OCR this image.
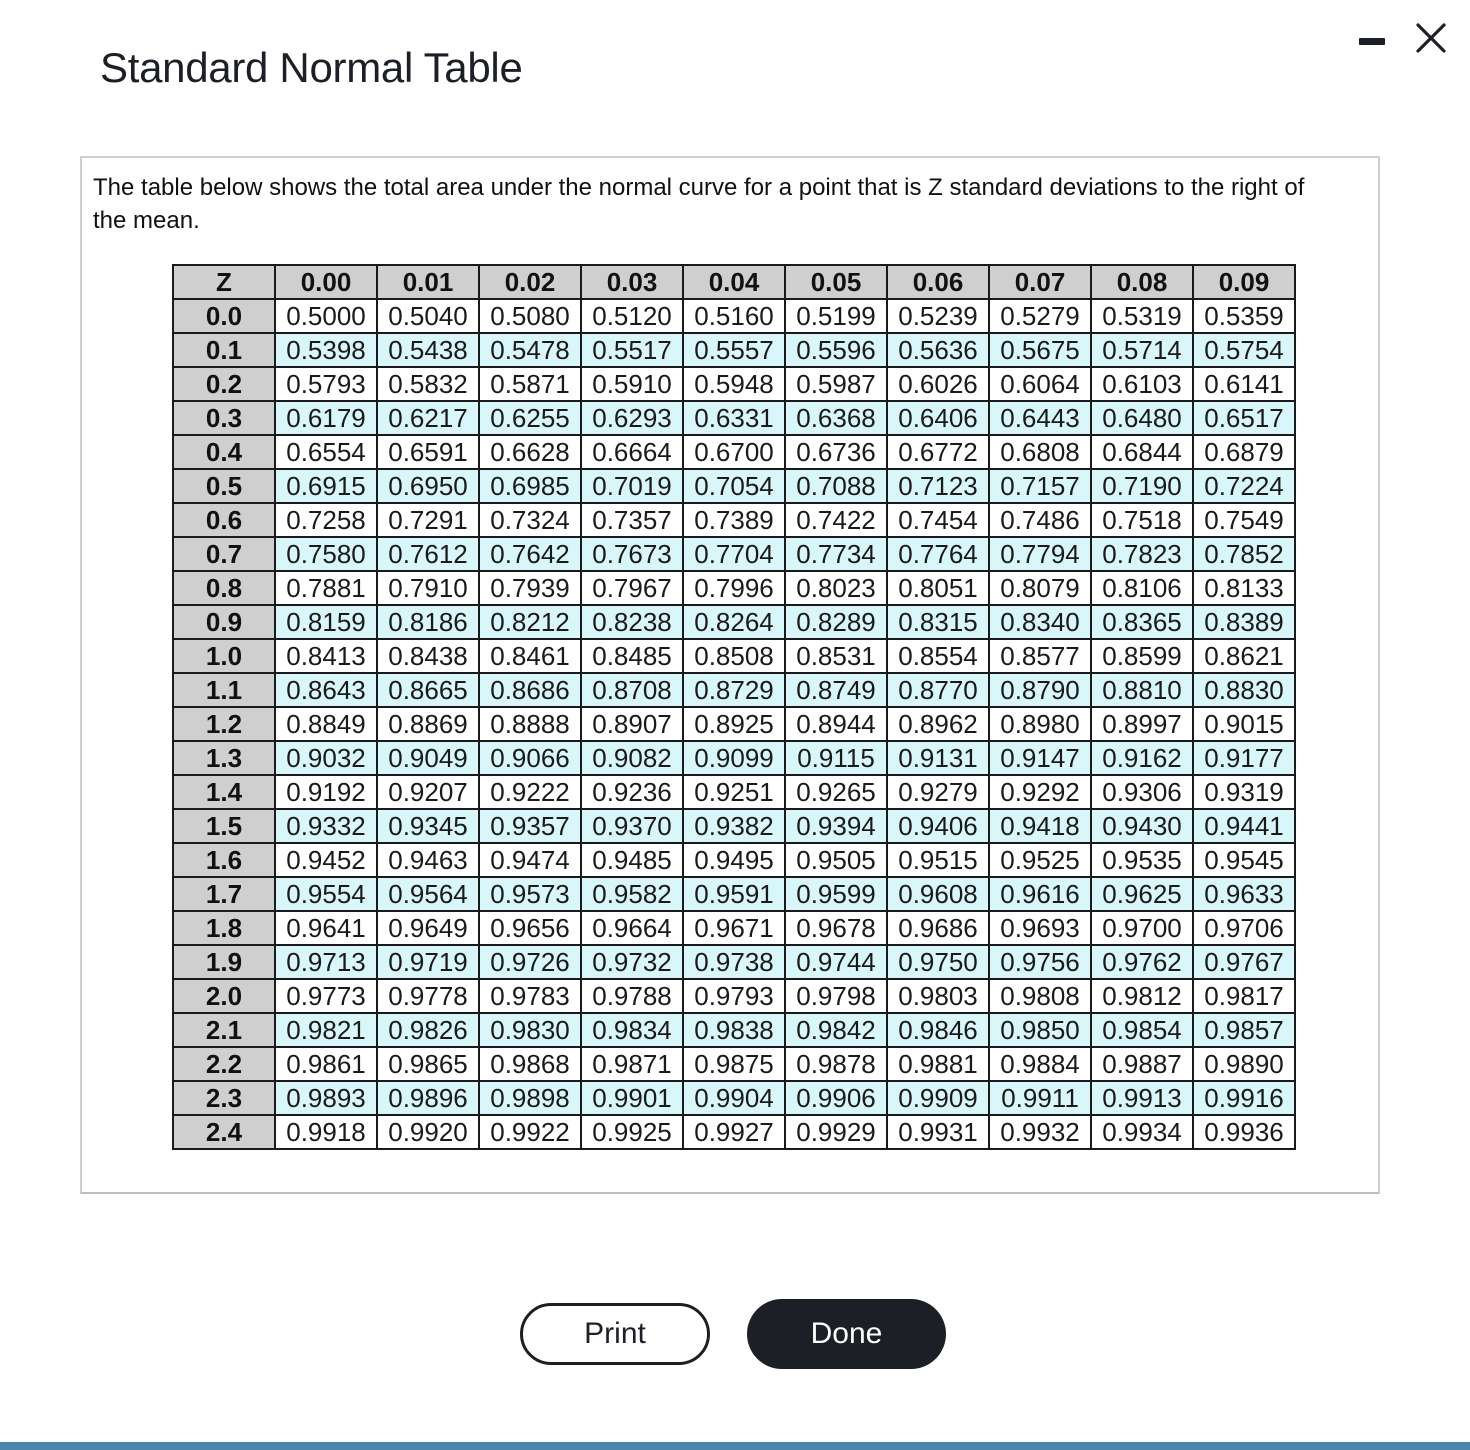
Standard Normal Table
The table below shows the total area under the normal curve for a point that is Z standard deviations to the right of the mean.
Z	0.00	0.01	0.02	0.03	0.04	0.05	0.06	0.07	0.08	0.09
0.0	0.5000	0.5040	0.5080	0.5120	0.5160	0.5199	0.5239	0.5279	0.5319	0.5359
0.1	0.5398	0.5438	0.5478	0.5517	0.5557	0.5596	0.5636	0.5675	0.5714	0.5754
0.2	0.5793	0.5832	0.5871	0.5910	0.5948	0.5987	0.6026	0.6064	0.6103	0.6141
0.3	0.6179	0.6217	0.6255	0.6293	0.6331	0.6368	0.6406	0.6443	0.6480	0.6517
0.4	0.6554	0.6591	0.6628	0.6664	0.6700	0.6736	0.6772	0.6808	0.6844	0.6879
0.5	0.6915	0.6950	0.6985	0.7019	0.7054	0.7088	0.7123	0.7157	0.7190	0.7224
0.6	0.7258	0.7291	0.7324	0.7357	0.7389	0.7422	0.7454	0.7486	0.7518	0.7549
0.7	0.7580	0.7612	0.7642	0.7673	0.7704	0.7734	0.7764	0.7794	0.7823	0.7852
0.8	0.7881	0.7910	0.7939	0.7967	0.7996	0.8023	0.8051	0.8079	0.8106	0.8133
0.9	0.8159	0.8186	0.8212	0.8238	0.8264	0.8289	0.8315	0.8340	0.8365	0.8389
1.0	0.8413	0.8438	0.8461	0.8485	0.8508	0.8531	0.8554	0.8577	0.8599	0.8621
1.1	0.8643	0.8665	0.8686	0.8708	0.8729	0.8749	0.8770	0.8790	0.8810	0.8830
1.2	0.8849	0.8869	0.8888	0.8907	0.8925	0.8944	0.8962	0.8980	0.8997	0.9015
1.3	0.9032	0.9049	0.9066	0.9082	0.9099	0.9115	0.9131	0.9147	0.9162	0.9177
1.4	0.9192	0.9207	0.9222	0.9236	0.9251	0.9265	0.9279	0.9292	0.9306	0.9319
1.5	0.9332	0.9345	0.9357	0.9370	0.9382	0.9394	0.9406	0.9418	0.9430	0.9441
1.6	0.9452	0.9463	0.9474	0.9485	0.9495	0.9505	0.9515	0.9525	0.9535	0.9545
1.7	0.9554	0.9564	0.9573	0.9582	0.9591	0.9599	0.9608	0.9616	0.9625	0.9633
1.8	0.9641	0.9649	0.9656	0.9664	0.9671	0.9678	0.9686	0.9693	0.9700	0.9706
1.9	0.9713	0.9719	0.9726	0.9732	0.9738	0.9744	0.9750	0.9756	0.9762	0.9767
2.0	0.9773	0.9778	0.9783	0.9788	0.9793	0.9798	0.9803	0.9808	0.9812	0.9817
2.1	0.9821	0.9826	0.9830	0.9834	0.9838	0.9842	0.9846	0.9850	0.9854	0.9857
2.2	0.9861	0.9865	0.9868	0.9871	0.9875	0.9878	0.9881	0.9884	0.9887	0.9890
2.3	0.9893	0.9896	0.9898	0.9901	0.9904	0.9906	0.9909	0.9911	0.9913	0.9916
2.4	0.9918	0.9920	0.9922	0.9925	0.9927	0.9929	0.9931	0.9932	0.9934	0.9936
Print	Done
